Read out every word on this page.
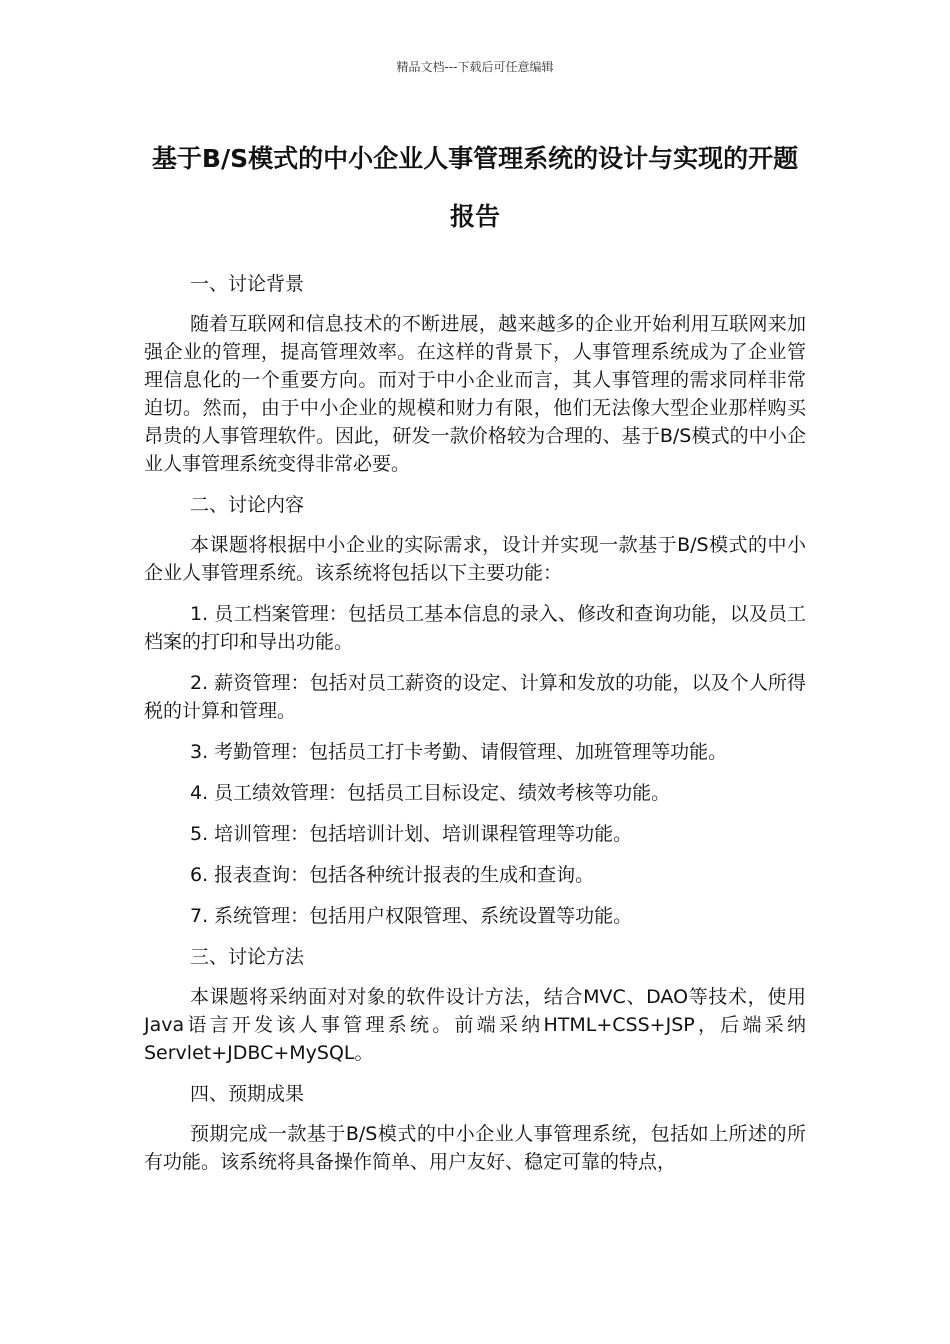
精品文档---下载后可任意编辑
基于B/S模式的中小企业人事管理系统的设计与实现的开题报告

一、讨论背景

随着互联网和信息技术的不断进展，越来越多的企业开始利用互联网来加强企业的管理，提高管理效率。在这样的背景下，人事管理系统成为了企业管理信息化的一个重要方向。而对于中小企业而言，其人事管理的需求同样非常迫切。然而，由于中小企业的规模和财力有限，他们无法像大型企业那样购买昂贵的人事管理软件。因此，研发一款价格较为合理的、基于B/S模式的中小企业人事管理系统变得非常必要。

二、讨论内容

本课题将根据中小企业的实际需求，设计并实现一款基于B/S模式的中小企业人事管理系统。该系统将包括以下主要功能：

1. 员工档案管理：包括员工基本信息的录入、修改和查询功能，以及员工档案的打印和导出功能。

2. 薪资管理：包括对员工薪资的设定、计算和发放的功能，以及个人所得税的计算和管理。

3. 考勤管理：包括员工打卡考勤、请假管理、加班管理等功能。

4. 员工绩效管理：包括员工目标设定、绩效考核等功能。

5. 培训管理：包括培训计划、培训课程管理等功能。

6. 报表查询：包括各种统计报表的生成和查询。

7. 系统管理：包括用户权限管理、系统设置等功能。

三、讨论方法

本课题将采纳面对对象的软件设计方法，结合MVC、DAO等技术，使用Java语言开发该人事管理系统。前端采纳HTML+CSS+JSP，后端采纳Servlet+JDBC+MySQL。

四、预期成果

预期完成一款基于B/S模式的中小企业人事管理系统，包括如上所述的所有功能。该系统将具备操作简单、用户友好、稳定可靠的特点，
